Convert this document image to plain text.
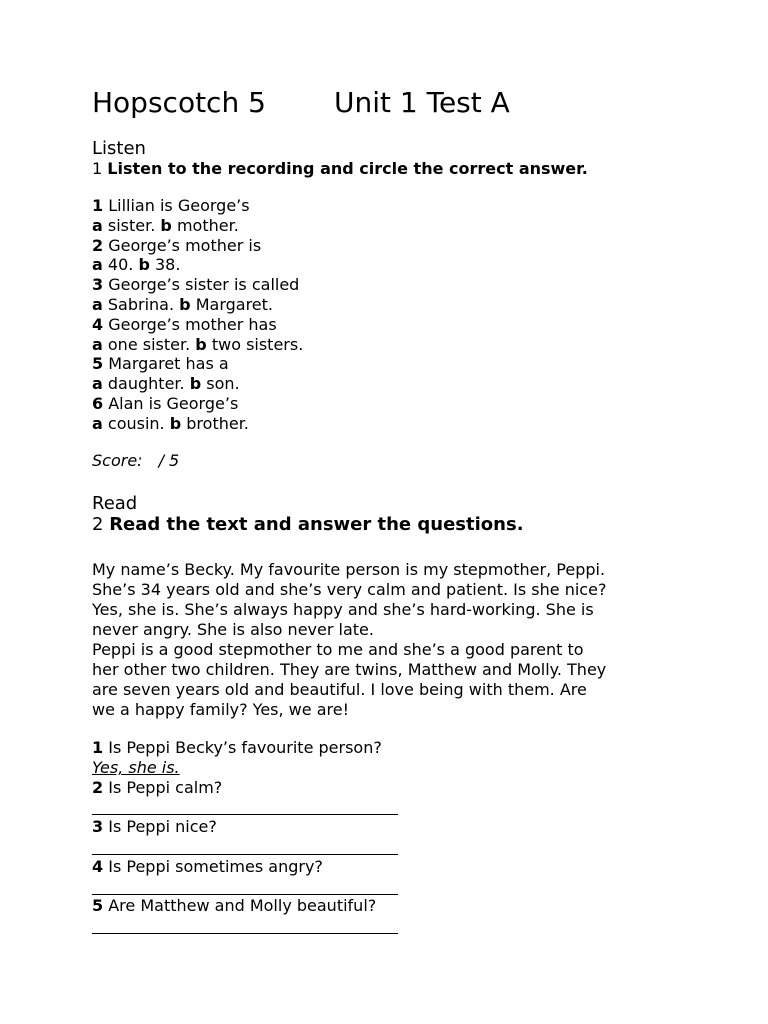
Hopscotch 5 Unit 1 Test A
Listen
1 Listen to the recording and circle the correct answer.
1 Lillian is George’s
a sister. b mother.
2 George’s mother is
a 40. b 38.
3 George’s sister is called
a Sabrina. b Margaret.
4 George’s mother has
a one sister. b two sisters.
5 Margaret has a
a daughter. b son.
6 Alan is George’s
a cousin. b brother.
Score: / 5
Read
2 Read the text and answer the questions.
My name’s Becky. My favourite person is my stepmother, Peppi.
She’s 34 years old and she’s very calm and patient. Is she nice?
Yes, she is. She’s always happy and she’s hard-working. She is
never angry. She is also never late.
Peppi is a good stepmother to me and she’s a good parent to
her other two children. They are twins, Matthew and Molly. They
are seven years old and beautiful. I love being with them. Are
we a happy family? Yes, we are!
1 Is Peppi Becky’s favourite person?
Yes, she is.
2 Is Peppi calm?
3 Is Peppi nice?
4 Is Peppi sometimes angry?
5 Are Matthew and Molly beautiful?
